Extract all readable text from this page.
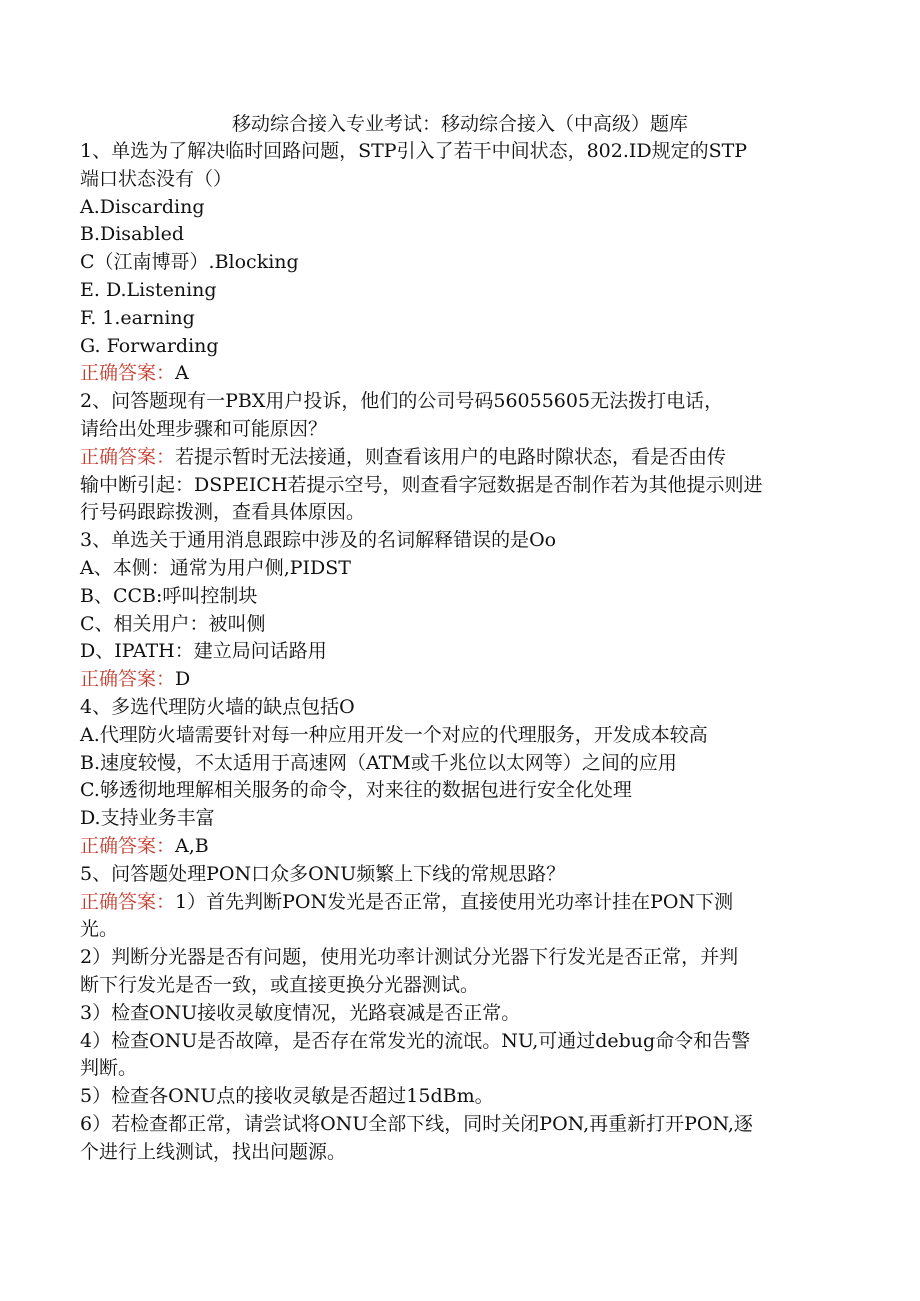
移动综合接入专业考试：移动综合接入（中高级）题库
1、单选为了解决临时回路问题，STP引入了若干中间状态，802.ID规定的STP
端口状态没有（）
A.Discarding
B.Disabled
C（江南博哥）.Blocking
E. D.Listening
F. 1.earning
G. Forwarding
正确答案：A
2、问答题现有一PBX用户投诉，他们的公司号码56055605无法拨打电话，
请给出处理步骤和可能原因？
正确答案：若提示暂时无法接通，则查看该用户的电路时隙状态，看是否由传
输中断引起：DSPEICH若提示空号，则查看字冠数据是否制作若为其他提示则进
行号码跟踪拨测，查看具体原因。
3、单选关于通用消息跟踪中涉及的名词解释错误的是Oo
A、本侧：通常为用户侧,PIDST
B、CCB:呼叫控制块
C、相关用户：被叫侧
D、IPATH：建立局问话路用
正确答案：D
4、多选代理防火墙的缺点包括O
A.代理防火墙需要针对每一种应用开发一个对应的代理服务，开发成本较高
B.速度较慢，不太适用于高速网（ATM或千兆位以太网等）之间的应用
C.够透彻地理解相关服务的命令，对来往的数据包进行安全化处理
D.支持业务丰富
正确答案：A,B
5、问答题处理PON口众多ONU频繁上下线的常规思路？
正确答案：1）首先判断PON发光是否正常，直接使用光功率计挂在PON下测
光。
2）判断分光器是否有问题，使用光功率计测试分光器下行发光是否正常，并判
断下行发光是否一致，或直接更换分光器测试。
3）检查ONU接收灵敏度情况，光路衰减是否正常。
4）检查ONU是否故障，是否存在常发光的流氓。NU,可通过debug命令和告警
判断。
5）检查各ONU点的接收灵敏是否超过15dBm。
6）若检查都正常，请尝试将ONU全部下线，同时关闭PON,再重新打开PON,逐
个进行上线测试，找出问题源。
